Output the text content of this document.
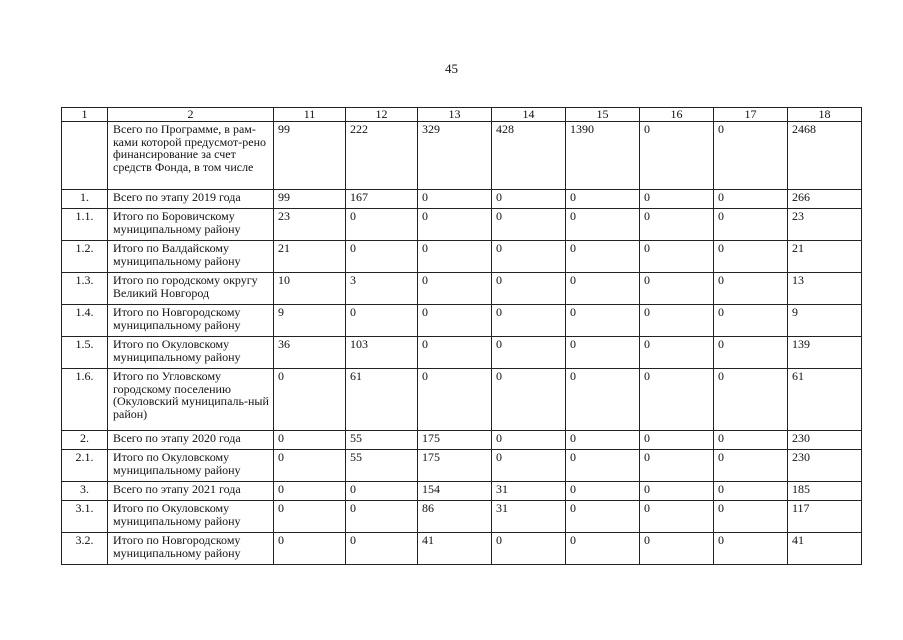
45
1	2	11	12	13	14	15	16	17	18
	Всего по Программе, в рам-ками которой предусмот-рено финансирование за счет средств Фонда, в том числе	99	222	329	428	1390	0	0	2468
1.	Всего по этапу 2019 года	99	167	0	0	0	0	0	266
1.1.	Итого по Боровичскому муниципальному району	23	0	0	0	0	0	0	23
1.2.	Итого по Валдайскому муниципальному району	21	0	0	0	0	0	0	21
1.3.	Итого по городскому округу Великий Новгород	10	3	0	0	0	0	0	13
1.4.	Итого по Новгородскому муниципальному району	9	0	0	0	0	0	0	9
1.5.	Итого по Окуловскому муниципальному району	36	103	0	0	0	0	0	139
1.6.	Итого по Угловскому городскому поселению (Окуловский муниципаль-ный район)	0	61	0	0	0	0	0	61
2.	Всего по этапу 2020 года	0	55	175	0	0	0	0	230
2.1.	Итого по Окуловскому муниципальному району	0	55	175	0	0	0	0	230
3.	Всего по этапу 2021 года	0	0	154	31	0	0	0	185
3.1.	Итого по Окуловскому муниципальному району	0	0	86	31	0	0	0	117
3.2.	Итого по Новгородскому муниципальному району	0	0	41	0	0	0	0	41
